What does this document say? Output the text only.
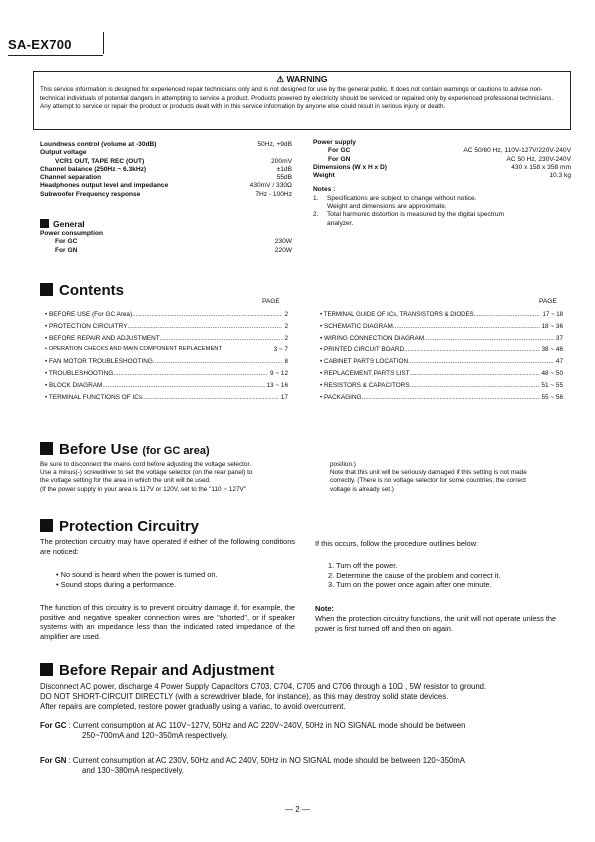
SA-EX700
⚠ WARNING
This service information is designed for experienced repair technicians only and is not designed for use by the general public. It does not contain warnings or cautions to advise non-technical individuals of potential dangers in attempting to service a product. Products powered by electricity should be serviced or repaired only by experienced professional technicians. Any attempt to service or repair the product or products dealt with in this service information by anyone else could result in serious injury or death.
Loundness control (volume at -30dB)	50Hz, +9dB
Output voltage
VCR1 OUT, TAPE REC (OUT)	200mV
Channel balance (250Hz ~ 6.3kHz)	±1dB
Channel separation	55dB
Headphones output level and impedance	430mV / 330Ω
Subwoofer Frequency response	7Hz - 100Hz
General
Power consumption
For GC	230W
For GN	220W
Power supply
For GC	AC 50/60 Hz, 110V-127V/220V-240V
For GN	AC 50 Hz, 230V-240V
Dimensions (W x H x D)	430 x 158 x 358 mm
Weight	10.3 kg
Notes :
1.	Specifications are subject to change without notice.
Weight and dimensions are approximate.
2.	Total harmonic distortion is measured by the digital spectrum
analyzer.
Contents
PAGE	PAGE
• BEFORE USE (For GC Area) .....	2
• PROTECTION CIRCUITRY .....	2
• BEFORE REPAIR AND ADJUSTMENT .....	2
• OPERATION CHECKS AND MAIN COMPONENT REPLACEMENT	3 ~ 7
• FAN MOTOR TROUBLESHOOTING .....	8
• TROUBLESHOOTING .....	9 ~ 12
• BLOCK DIAGRAM .....	13 ~ 16
• TERMINAL FUNCTIONS OF ICs .....	17
• TERMINAL GUIDE OF ICs, TRANSISTORS & DIODES .....	17 ~ 18
• SCHEMATIC DIAGRAM .....	18 ~ 36
• WIRING CONNECTION DIAGRAM .....	37
• PRINTED CIRCUIT BOARD .....	38 ~ 46
• CABINET PARTS LOCATION .....	47
• REPLACEMENT PARTS LIST .....	48 ~ 50
• RESISTORS & CAPACITORS .....	51 ~ 55
• PACKAGING .....	55 ~ 56
Before Use (for GC area)
Be sure to disconnect the mains cord before adjusting the voltage selector.
Use a minus(-) screwdriver to set the voltage selector (on the rear panel) to
the voltage setting for the area in which the unit will be used.
(If the power supply in your area is 117V or 120V, set to the "110 ~ 127V"
position.)
Note that this unit will be seriously damaged if this setting is not made
correctly. (There is no voltage selector for some countries; the correct
voltage is already set.)
Protection Circuitry
The protection circuitry may have operated if either of the following conditions are noticed:
• No sound is heard when the power is turned on.
• Sound stops during a performance.
The function of this circuitry is to prevent circuitry damage if, for example, the positive and negative speaker connection wires are "shorted", or if speaker systems with an impedance less than the indicated rated impedance of the amplifier are used.
If this occurs, follow the procedure outlines below:
1. Turn off the power.
2. Determine the cause of the problem and correct it.
3. Turn on the power once again after one minute.
Note:
When the protection circuitry functions, the unit will not operate unless the power is first turned off and then on again.
Before Repair and Adjustment
Disconnect AC power, discharge 4 Power Supply Capacitors C703, C704, C705 and C706 through a 10Ω , 5W resistor to ground.
DO NOT SHORT-CIRCUIT DIRECTLY (with a screwdriver blade, for instance), as this may destroy solid state devices.
After repairs are completed, restore power gradually using a variac, to avoid overcurrent.
For GC : Current consumption at AC 110V~127V, 50Hz and AC 220V~240V, 50Hz in NO SIGNAL mode should be between
250~700mA and 120~350mA respectively.
For GN : Current consumption at AC 230V, 50Hz and AC 240V, 50Hz in NO SIGNAL mode should be between 120~350mA
and 130~380mA respectively.
— 2 —
